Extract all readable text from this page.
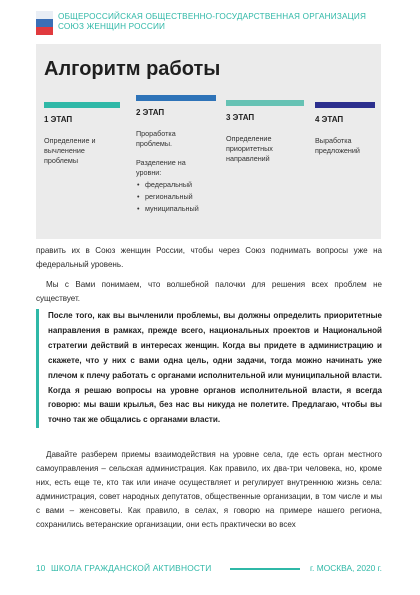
ОБЩЕРОССИЙСКАЯ ОБЩЕСТВЕННО-ГОСУДАРСТВЕННАЯ ОРГАНИЗАЦИЯ
СОЮЗ ЖЕНЩИН РОССИИ
Алгоритм работы
1 ЭТАП
Определение и вычленение проблемы
2 ЭТАП
Проработка проблемы.
Разделение на уровни:
• федеральный
• региональный
• муниципальный
3 ЭТАП
Определение приоритетных направлений
4 ЭТАП
Выработка предложений
править их в Союз женщин России, чтобы через Союз поднимать вопросы уже на федеральный уровень.
Мы с Вами понимаем, что волшебной палочки для решения всех проблем не существует.
После того, как вы вычленили проблемы, вы должны определить приоритетные направления в рамках, прежде всего, национальных проектов и Национальной стратегии действий в интересах женщин. Когда вы придете в администрацию и скажете, что у них с вами одна цель, одни задачи, тогда можно начинать уже плечом к плечу работать с органами исполнительной или муниципальной власти. Когда я решаю вопросы на уровне органов исполнительной власти, я всегда говорю: мы ваши крылья, без нас вы никуда не полетите. Предлагаю, чтобы вы точно так же общались с органами власти.
Давайте разберем приемы взаимодействия на уровне села, где есть орган местного самоуправления – сельская администрация. Как правило, их два-три человека, но, кроме них, есть еще те, кто так или иначе осуществляет и регулирует внутреннюю жизнь села: администрация, совет народных депутатов, общественные организации, в том числе и мы с вами – женсоветы. Как правило, в селах, я говорю на примере нашего региона, сохранились ветеранские организации, они есть практически во всех
10 ШКОЛА ГРАЖДАНСКОЙ АКТИВНОСТИ	г. МОСКВА, 2020 г.
